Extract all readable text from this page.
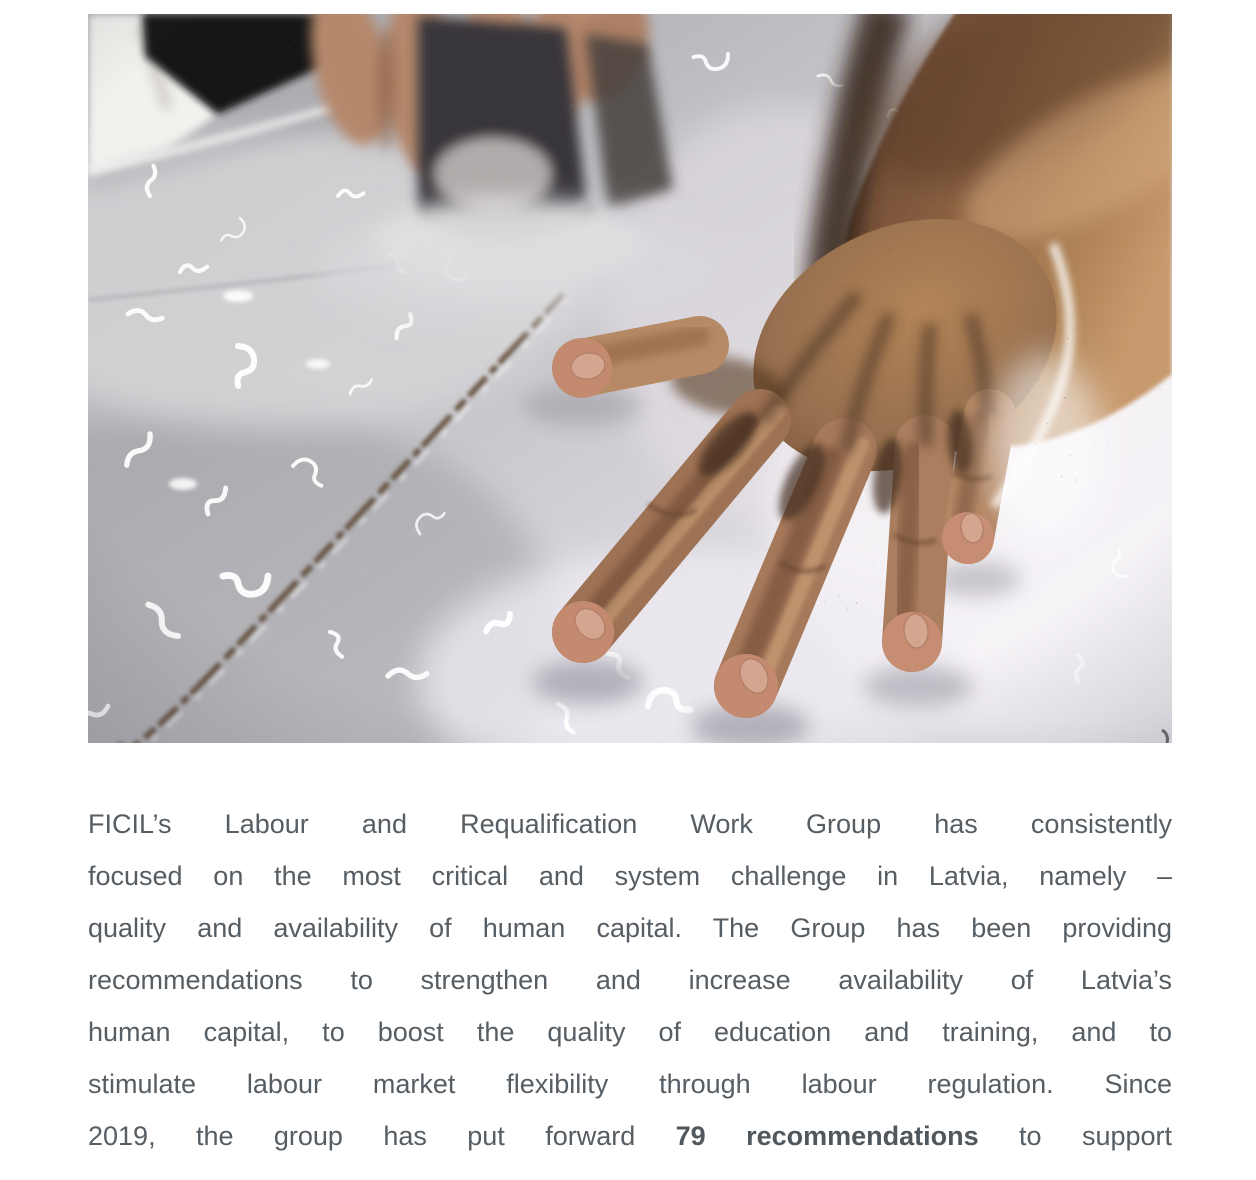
FICIL’s Labour and Requalification Work Group has consistently
focused on the most critical and system challenge in Latvia, namely –
quality and availability of human capital. The Group has been providing
recommendations to strengthen and increase availability of Latvia’s
human capital, to boost the quality of education and training, and to
stimulate labour market flexibility through labour regulation. Since
2019, the group has put forward 79 recommendations to support
